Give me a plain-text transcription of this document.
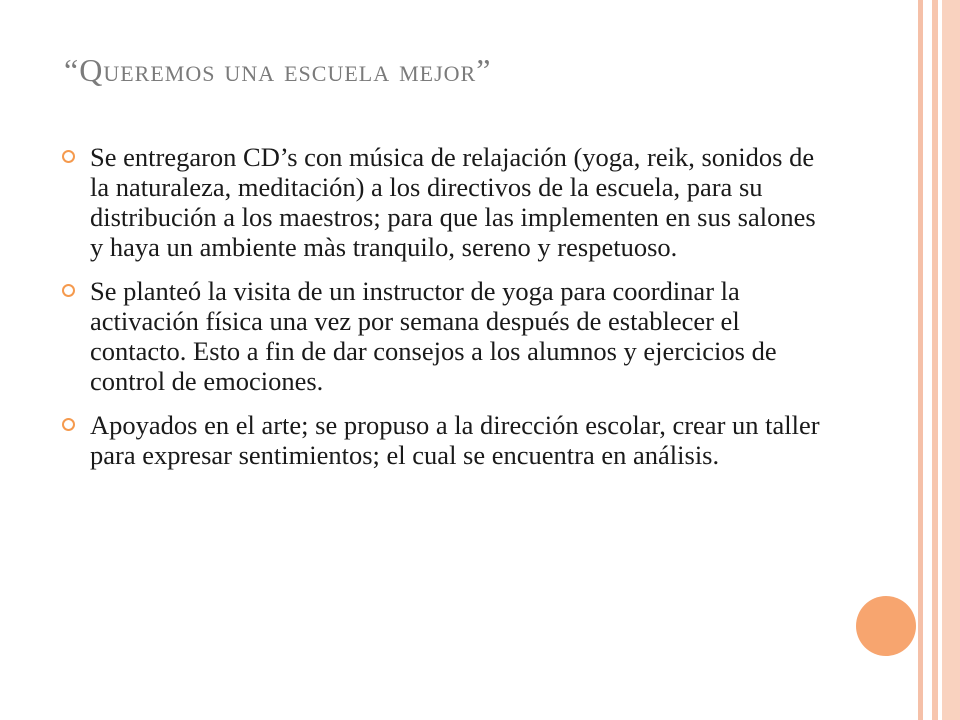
“Queremos una escuela mejor”
Se entregaron CD’s con música de relajación (yoga, reik, sonidos de la naturaleza, meditación) a los directivos de la escuela, para su distribución a los maestros; para que las implementen en sus salones y haya un ambiente màs tranquilo, sereno y respetuoso.
Se planteó la visita de un instructor de yoga para coordinar la activación física una vez por semana después de establecer el contacto. Esto a fin de dar consejos a los alumnos y ejercicios de control de emociones.
Apoyados en el arte; se propuso a la dirección escolar, crear un taller para expresar sentimientos; el cual se encuentra en análisis.
